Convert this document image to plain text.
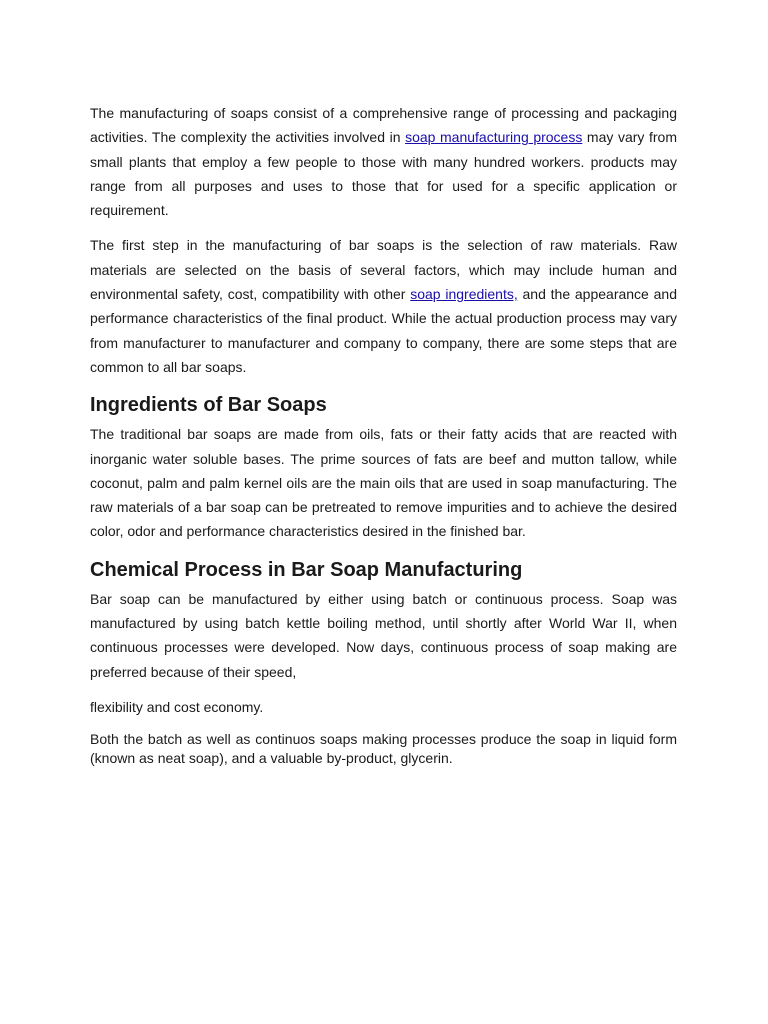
The manufacturing of soaps consist of a comprehensive range of processing and packaging activities. The complexity the activities involved in soap manufacturing process may vary from small plants that employ a few people to those with many hundred workers. products may range from all purposes and uses to those that for used for a specific application or requirement.

The first step in the manufacturing of bar soaps is the selection of raw materials. Raw materials are selected on the basis of several factors, which may include human and environmental safety, cost, compatibility with other soap ingredients, and the appearance and performance characteristics of the final product. While the actual production process may vary from manufacturer to manufacturer and company to company, there are some steps that are common to all bar soaps.

Ingredients of Bar Soaps

The traditional bar soaps are made from oils, fats or their fatty acids that are reacted with inorganic water soluble bases. The prime sources of fats are beef and mutton tallow, while coconut, palm and palm kernel oils are the main oils that are used in soap manufacturing. The raw materials of a bar soap can be pretreated to remove impurities and to achieve the desired color, odor and performance characteristics desired in the finished bar.

Chemical Process in Bar Soap Manufacturing

Bar soap can be manufactured by either using batch or continuous process. Soap was manufactured by using batch kettle boiling method, until shortly after World War II, when continuous processes were developed. Now days, continuous process of soap making are preferred because of their speed,

flexibility and cost economy.

Both the batch as well as continuos soaps making processes produce the soap in liquid form (known as neat soap), and a valuable by-product, glycerin.
